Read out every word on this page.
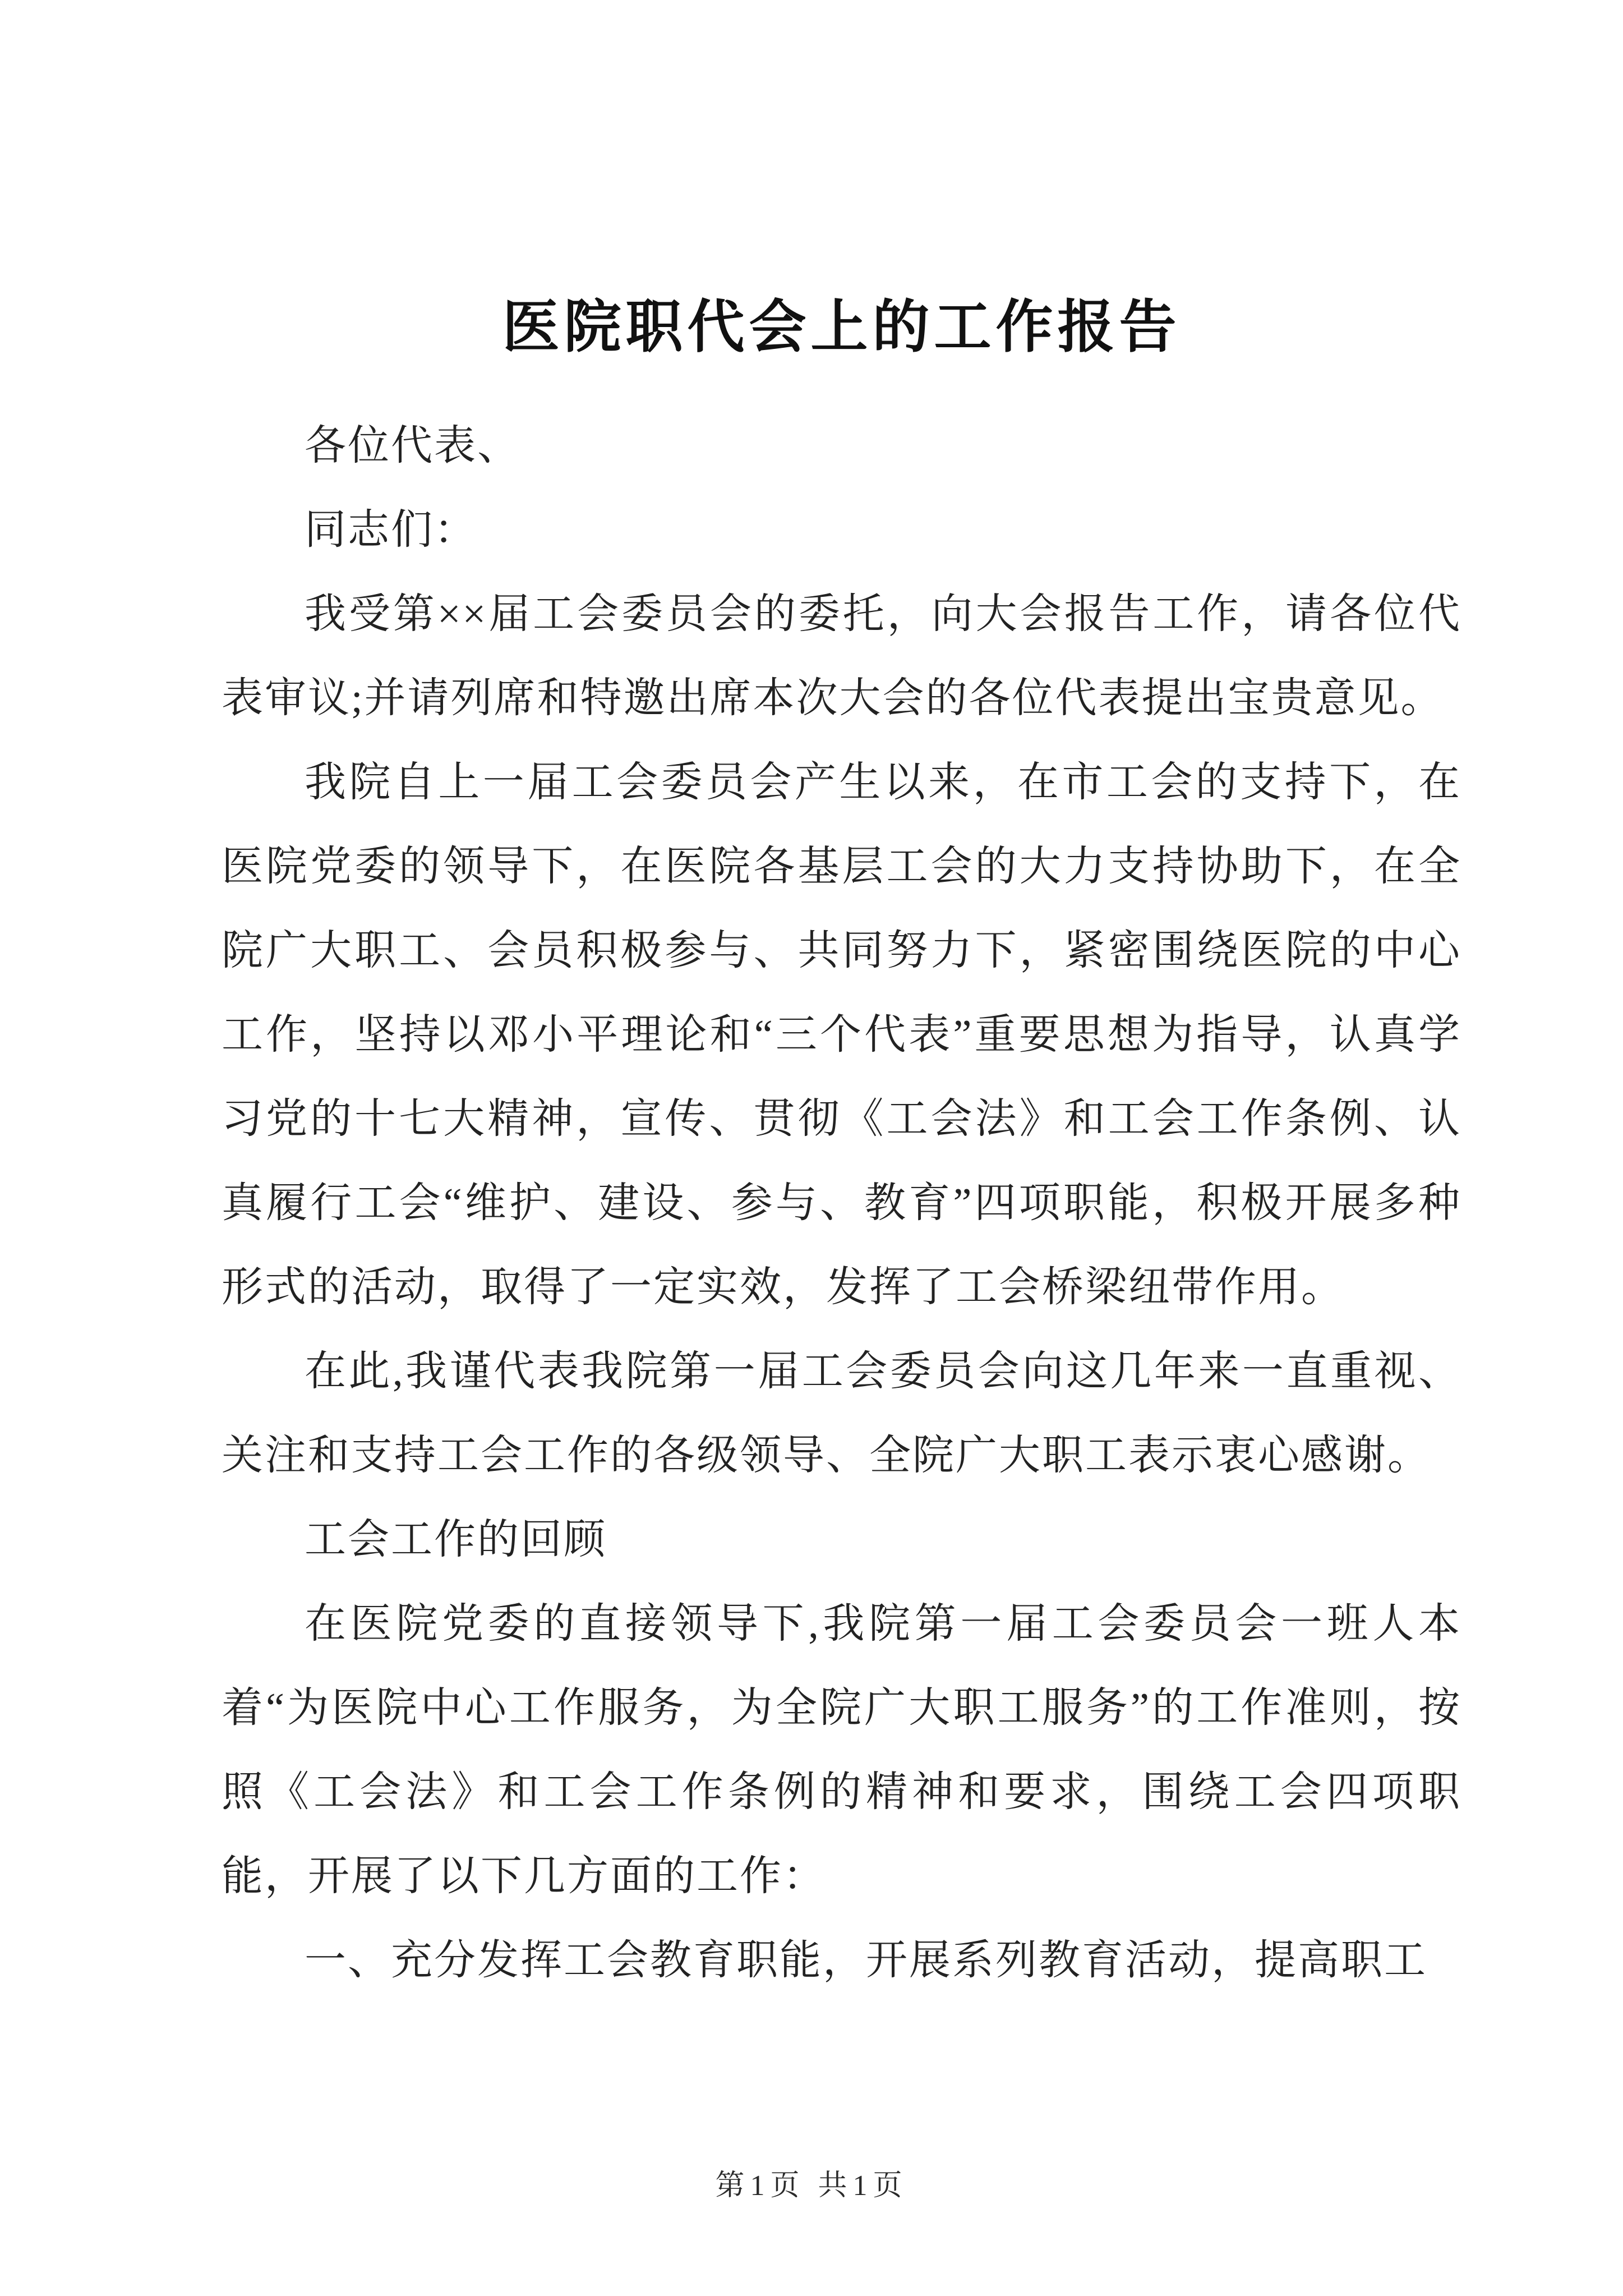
医院职代会上的工作报告

各位代表、

同志们：

我受第××届工会委员会的委托，向大会报告工作，请各位代表审议;并请列席和特邀出席本次大会的各位代表提出宝贵意见。

我院自上一届工会委员会产生以来，在市工会的支持下，在医院党委的领导下，在医院各基层工会的大力支持协助下，在全院广大职工、会员积极参与、共同努力下，紧密围绕医院的中心工作，坚持以邓小平理论和“三个代表”重要思想为指导，认真学习党的十七大精神，宣传、贯彻《工会法》和工会工作条例、认真履行工会“维护、建设、参与、教育”四项职能，积极开展多种形式的活动，取得了一定实效，发挥了工会桥梁纽带作用。

在此,我谨代表我院第一届工会委员会向这几年来一直重视、关注和支持工会工作的各级领导、全院广大职工表示衷心感谢。

工会工作的回顾

在医院党委的直接领导下,我院第一届工会委员会一班人本着“为医院中心工作服务，为全院广大职工服务”的工作准则，按照《工会法》和工会工作条例的精神和要求，围绕工会四项职能，开展了以下几方面的工作：

一、充分发挥工会教育职能，开展系列教育活动，提高职工

第1页 共1页
